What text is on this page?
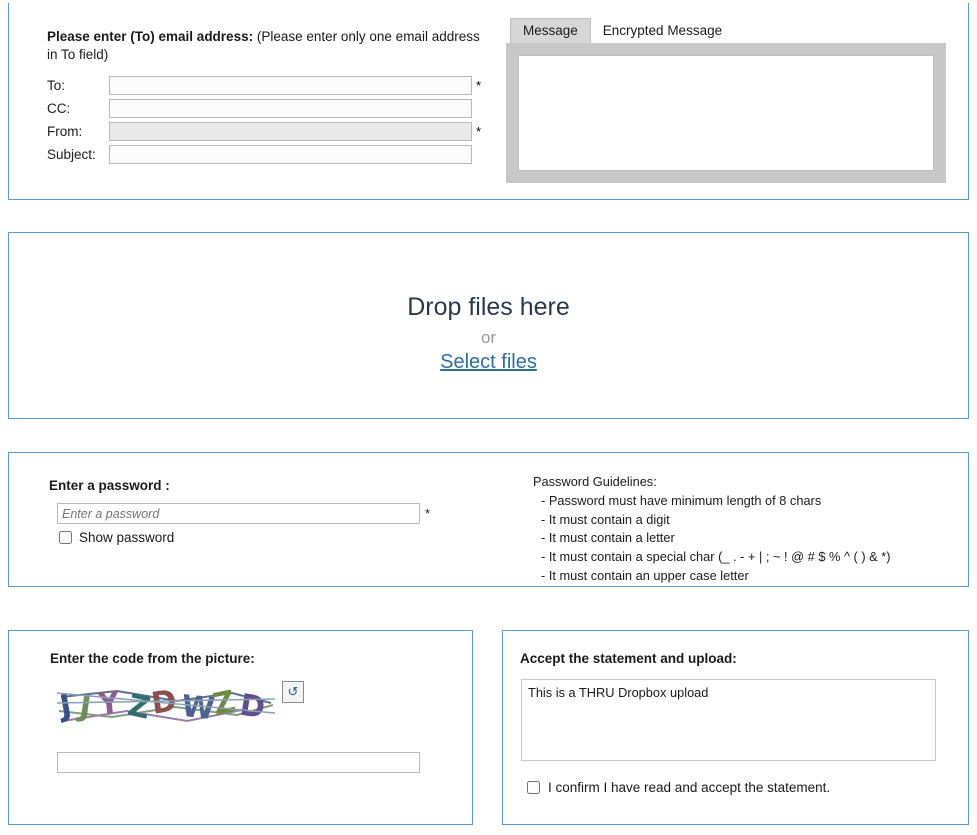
Please enter (To) email address: (Please enter only one email address in To field)
To:	*
CC:
From:	*
Subject:
Message	Encrypted Message
Drop files here
or
Select files
Enter a password :
Enter a password
*
Show password
Password Guidelines:
- Password must have minimum length of 8 chars
- It must contain a digit
- It must contain a letter
- It must contain a special char (_ . - + | ; ~ ! @ # $ % ^ ( ) & *)
- It must contain an upper case letter
Enter the code from the picture:
J J Y Z
D W
Z
D	↺
Accept the statement and upload:
This is a THRU Dropbox upload
I confirm I have read and accept the statement.
